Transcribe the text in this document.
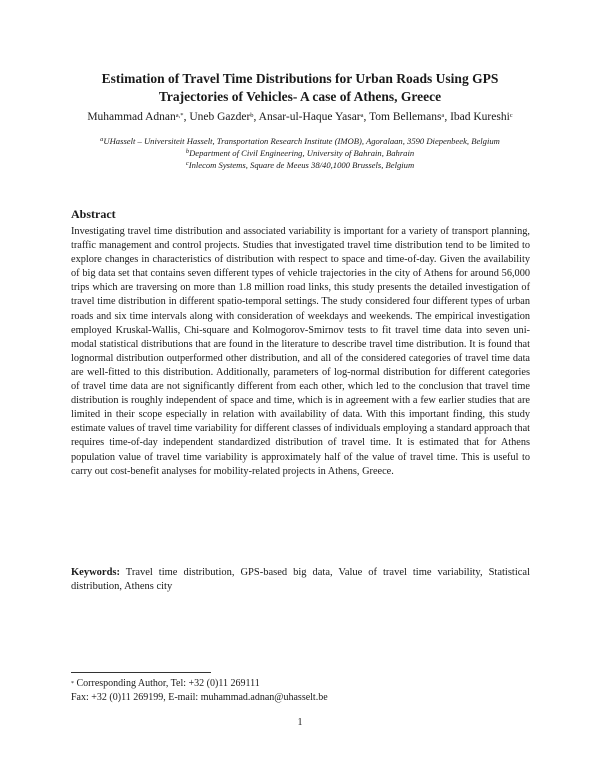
Estimation of Travel Time Distributions for Urban Roads Using GPS
Trajectories of Vehicles- A case of Athens, Greece
Muhammad Adnan$^{a,*}$, Uneb Gazder$^b$, Ansar-ul-Haque Yasar$^a$, Tom Bellemans$^a$, Ibad Kureshi$^c$
$^a$UHasselt – Universiteit Hasselt, Transportation Research Institute (IMOB), Agoralaan, 3590 Diepenbeek, Belgium
$^b$Department of Civil Engineering, University of Bahrain, Bahrain
$^c$Inlecom Systems, Square de Meeus 38/40,1000 Brussels, Belgium
Abstract

Investigating travel time distribution and associated variability is important for a variety of transport planning, traffic management and control projects. Studies that investigated travel time distribution tend to be limited to explore changes in characteristics of distribution with respect to space and time-of-day. Given the availability of big data set that contains seven different types of vehicle trajectories in the city of Athens for around 56,000 trips which are traversing on more than 1.8 million road links, this study presents the detailed investigation of travel time distribution in different spatio-temporal settings. The study considered four different types of urban roads and six time intervals along with consideration of weekdays and weekends. The empirical investigation employed Kruskal-Wallis, Chi-square and Kolmogorov-Smirnov tests to fit travel time data into seven uni-modal statistical distributions that are found in the literature to describe travel time distribution. It is found that lognormal distribution outperformed other distribution, and all of the considered categories of travel time data are well-fitted to this distribution. Additionally, parameters of log-normal distribution for different categories of travel time data are not significantly different from each other, which led to the conclusion that travel time distribution is roughly independent of space and time, which is in agreement with a few earlier studies that are limited in their scope especially in relation with availability of data. With this important finding, this study estimate values of travel time variability for different classes of individuals employing a standard approach that requires time-of-day independent standardized distribution of travel time. It is estimated that for Athens population value of travel time variability is approximately half of the value of travel time. This is useful to carry out cost-benefit analyses for mobility-related projects in Athens, Greece.

Keywords: Travel time distribution, GPS-based big data, Value of travel time variability, Statistical distribution, Athens city

* Corresponding Author, Tel: +32 (0)11 269111
Fax: +32 (0)11 269199, E-mail: muhammad.adnan@uhasselt.be
1
